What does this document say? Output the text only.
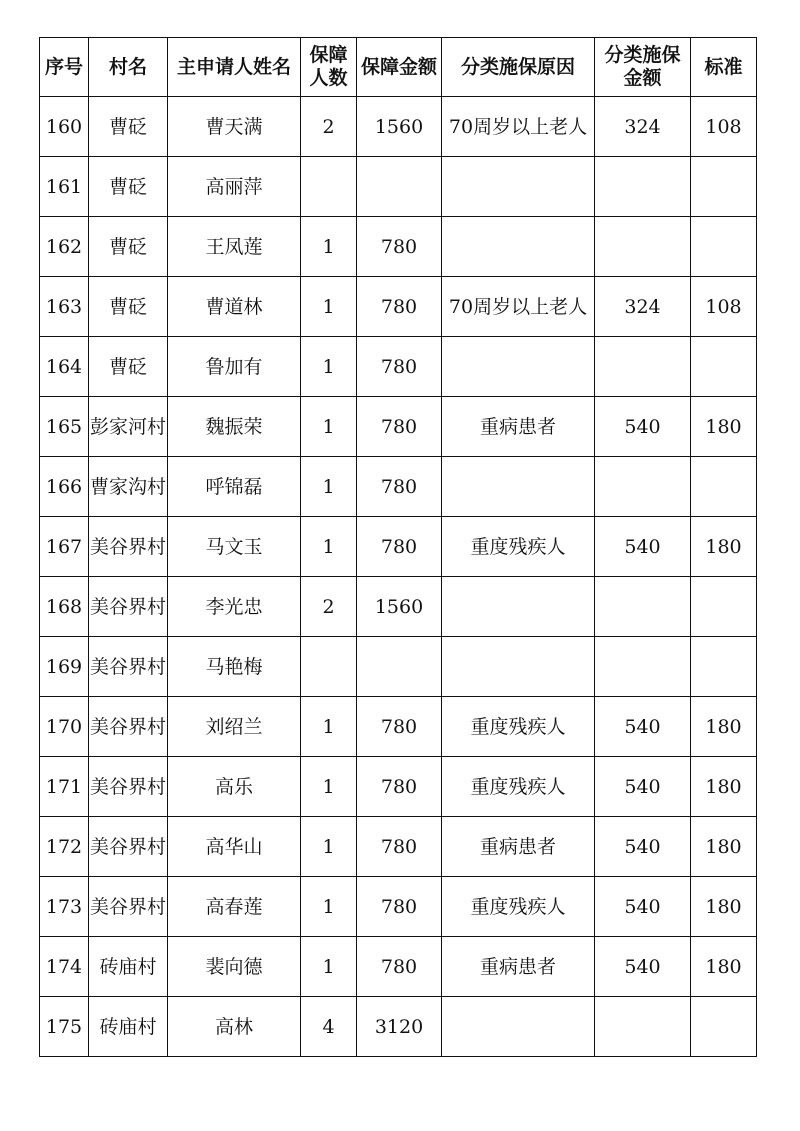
序号	村名	主申请人姓名	保障人数	保障金额	分类施保原因	分类施保金额	标准
160	曹砭	曹天满	2	1560	70周岁以上老人	324	108
161	曹砭	高丽萍					
162	曹砭	王凤莲	1	780			
163	曹砭	曹道林	1	780	70周岁以上老人	324	108
164	曹砭	鲁加有	1	780			
165	彭家河村	魏振荣	1	780	重病患者	540	180
166	曹家沟村	呼锦磊	1	780			
167	美谷界村	马文玉	1	780	重度残疾人	540	180
168	美谷界村	李光忠	2	1560			
169	美谷界村	马艳梅					
170	美谷界村	刘绍兰	1	780	重度残疾人	540	180
171	美谷界村	高乐	1	780	重度残疾人	540	180
172	美谷界村	高华山	1	780	重病患者	540	180
173	美谷界村	高春莲	1	780	重度残疾人	540	180
174	砖庙村	裴向德	1	780	重病患者	540	180
175	砖庙村	高林	4	3120			
